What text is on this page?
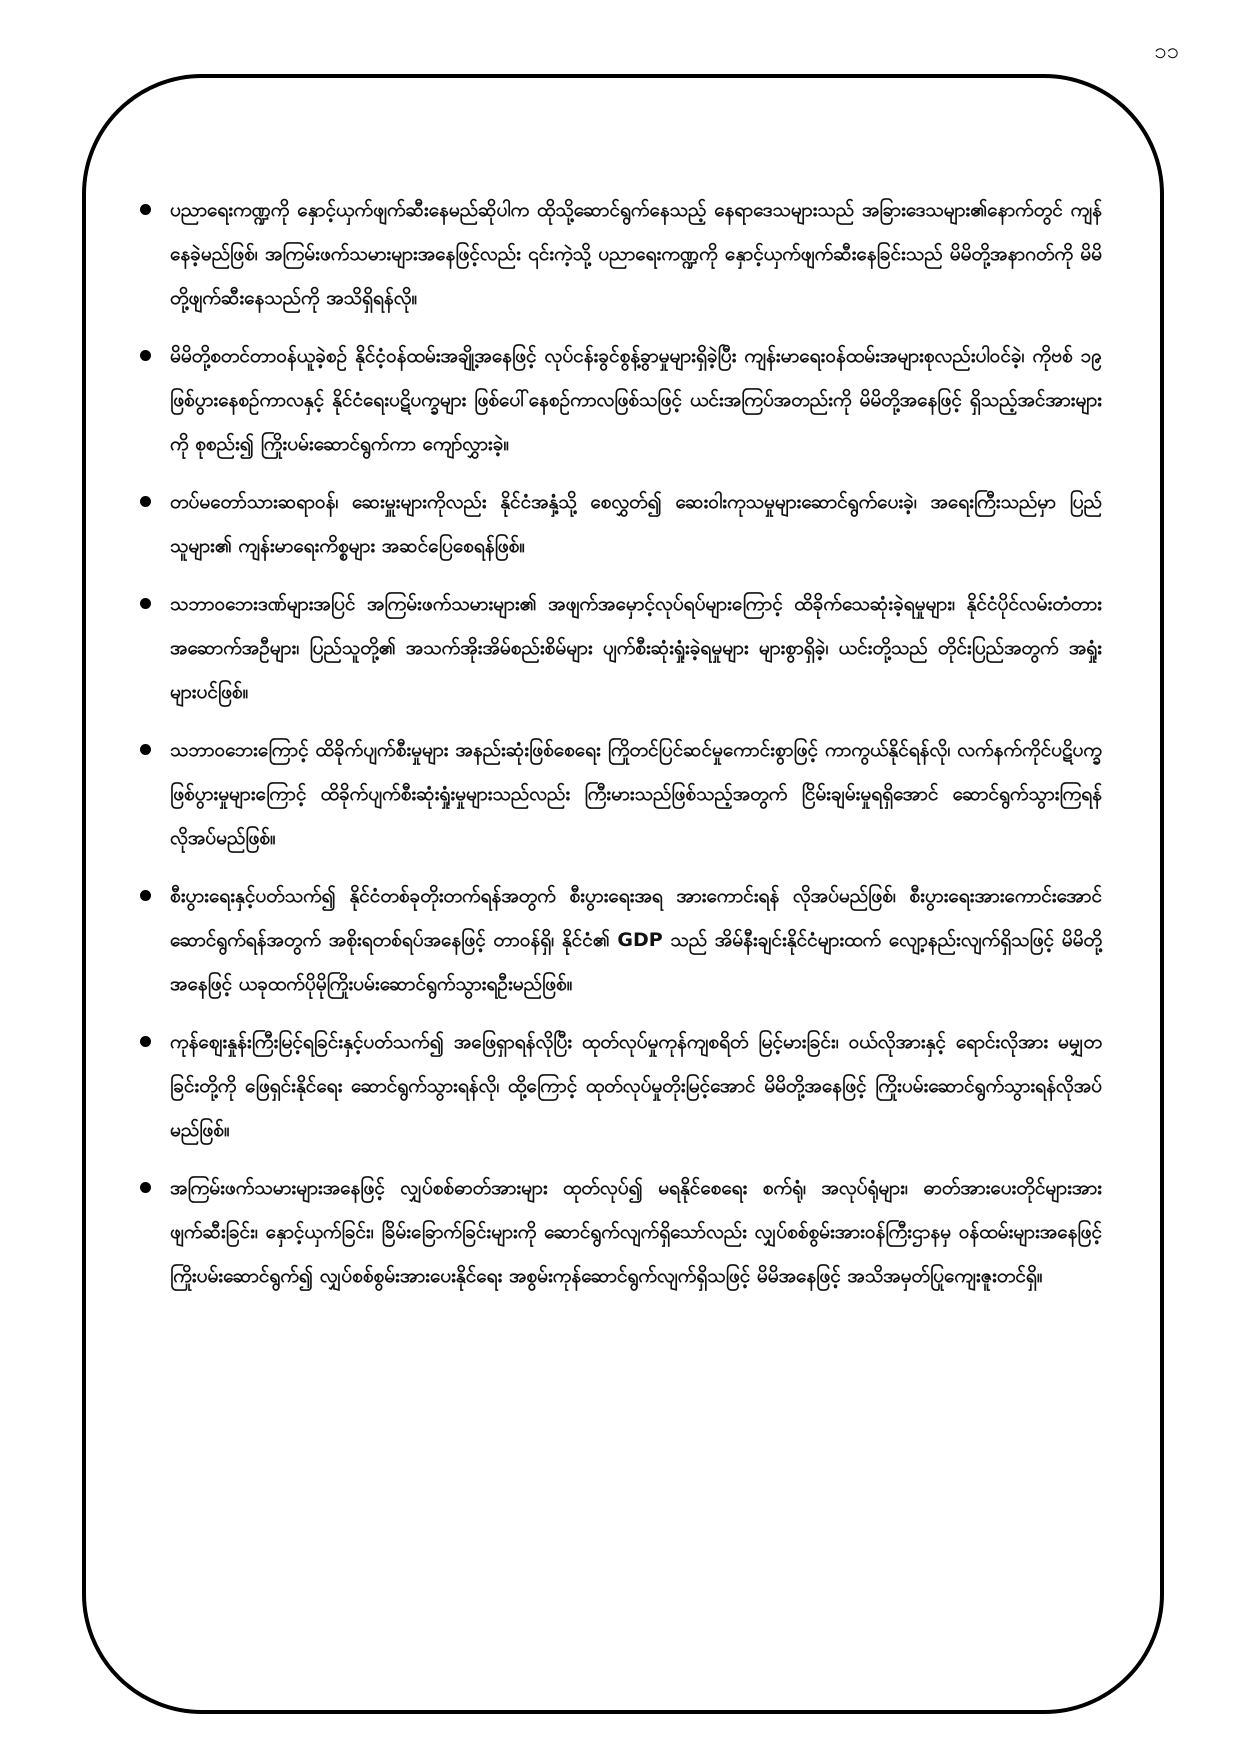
၁၁
ပညာရေးကဏ္ဍကို နှောင့်ယှက်ဖျက်ဆီးနေမည်ဆိုပါက ထိုသို့ဆောင်ရွက်နေသည့် နေရာဒေသများသည် အခြားဒေသများ၏နောက်တွင် ကျန်နေခဲ့မည်ဖြစ်၊ အကြမ်းဖက်သမားများအနေဖြင့်လည်း ၎င်းကဲ့သို့ ပညာရေးကဏ္ဍကို နှောင့်ယှက်ဖျက်ဆီးနေခြင်းသည် မိမိတို့အနာဂတ်ကို မိမိတို့ဖျက်ဆီးနေသည်ကို အသိရှိရန်လို။
မိမိတို့စတင်တာဝန်ယူခဲ့စဉ် နိုင်ငံ့ဝန်ထမ်းအချို့အနေဖြင့် လုပ်ငန်းခွင်စွန့်ခွာမှုများရှိခဲ့ပြီး ကျန်းမာရေးဝန်ထမ်းအများစုလည်းပါဝင်ခဲ့၊ ကိုဗစ် ၁၉ ဖြစ်ပွားနေစဉ်ကာလနှင့် နိုင်ငံရေးပဋိပက္ခများ ဖြစ်ပေါ်နေစဉ်ကာလဖြစ်သဖြင့် ယင်းအကြပ်အတည်းကို မိမိတို့အနေဖြင့် ရှိသည့်အင်အားများကို စုစည်း၍ ကြိုးပမ်းဆောင်ရွက်ကာ ကျော်လွှားခဲ့။
တပ်မတော်သားဆရာဝန်၊ ဆေးမှူးများကိုလည်း နိုင်ငံအနှံ့သို့ စေလွှတ်၍ ဆေးဝါးကုသမှုများဆောင်ရွက်ပေးခဲ့၊ အရေးကြီးသည်မှာ ပြည်သူများ၏ ကျန်းမာရေးကိစ္စများ အဆင်ပြေစေရန်ဖြစ်။
သဘာဝဘေးဒဏ်များအပြင် အကြမ်းဖက်သမားများ၏ အဖျက်အမှောင့်လုပ်ရပ်များကြောင့် ထိခိုက်သေဆုံးခဲ့ရမှုများ၊ နိုင်ငံပိုင်လမ်းတံတားအဆောက်အဦများ၊ ပြည်သူတို့၏ အသက်အိုးအိမ်စည်းစိမ်များ ပျက်စီးဆုံးရှုံးခဲ့ရမှုများ များစွာရှိခဲ့၊ ယင်းတို့သည် တိုင်းပြည်အတွက် အရှုံးများပင်ဖြစ်။
သဘာဝဘေးကြောင့် ထိခိုက်ပျက်စီးမှုများ အနည်းဆုံးဖြစ်စေရေး ကြိုတင်ပြင်ဆင်မှုကောင်းစွာဖြင့် ကာကွယ်နိုင်ရန်လို၊ လက်နက်ကိုင်ပဋိပက္ခဖြစ်ပွားမှုများကြောင့် ထိခိုက်ပျက်စီးဆုံးရှုံးမှုများသည်လည်း ကြီးမားသည်ဖြစ်သည့်အတွက် ငြိမ်းချမ်းမှုရရှိအောင် ဆောင်ရွက်သွားကြရန် လိုအပ်မည်ဖြစ်။
စီးပွားရေးနှင့်ပတ်သက်၍ နိုင်ငံတစ်ခုတိုးတက်ရန်အတွက် စီးပွားရေးအရ အားကောင်းရန် လိုအပ်မည်ဖြစ်၊ စီးပွားရေးအားကောင်းအောင် ဆောင်ရွက်ရန်အတွက် အစိုးရတစ်ရပ်အနေဖြင့် တာဝန်ရှိ၊ နိုင်ငံ၏ GDP သည် အိမ်နီးချင်းနိုင်ငံများထက် လျော့နည်းလျက်ရှိသဖြင့် မိမိတို့အနေဖြင့် ယခုထက်ပိုမိုကြိုးပမ်းဆောင်ရွက်သွားရဦးမည်ဖြစ်။
ကုန်စျေးနှုန်းကြီးမြင့်ရခြင်းနှင့်ပတ်သက်၍ အဖြေရှာရန်လိုပြီး ထုတ်လုပ်မှုကုန်ကျစရိတ် မြင့်မားခြင်း၊ ဝယ်လိုအားနှင့် ရောင်းလိုအား မမျှတခြင်းတို့ကို ဖြေရှင်းနိုင်ရေး ဆောင်ရွက်သွားရန်လို၊ ထို့ကြောင့် ထုတ်လုပ်မှုတိုးမြင့်အောင် မိမိတို့အနေဖြင့် ကြိုးပမ်းဆောင်ရွက်သွားရန်လိုအပ်မည်ဖြစ်။
အကြမ်းဖက်သမားများအနေဖြင့် လျှပ်စစ်ဓာတ်အားများ ထုတ်လုပ်၍ မရနိုင်စေရေး စက်ရုံ၊ အလုပ်ရုံများ၊ ဓာတ်အားပေးတိုင်များအား ဖျက်ဆီးခြင်း၊ နှောင့်ယှက်ခြင်း၊ ခြိမ်းခြောက်ခြင်းများကို ဆောင်ရွက်လျက်ရှိသော်လည်း လျှပ်စစ်စွမ်းအားဝန်ကြီးဌာနမှ ဝန်ထမ်းများအနေဖြင့် ကြိုးပမ်းဆောင်ရွက်၍ လျှပ်စစ်စွမ်းအားပေးနိုင်ရေး အစွမ်းကုန်ဆောင်ရွက်လျက်ရှိသဖြင့် မိမိအနေဖြင့် အသိအမှတ်ပြုကျေးဇူးတင်ရှိ။
